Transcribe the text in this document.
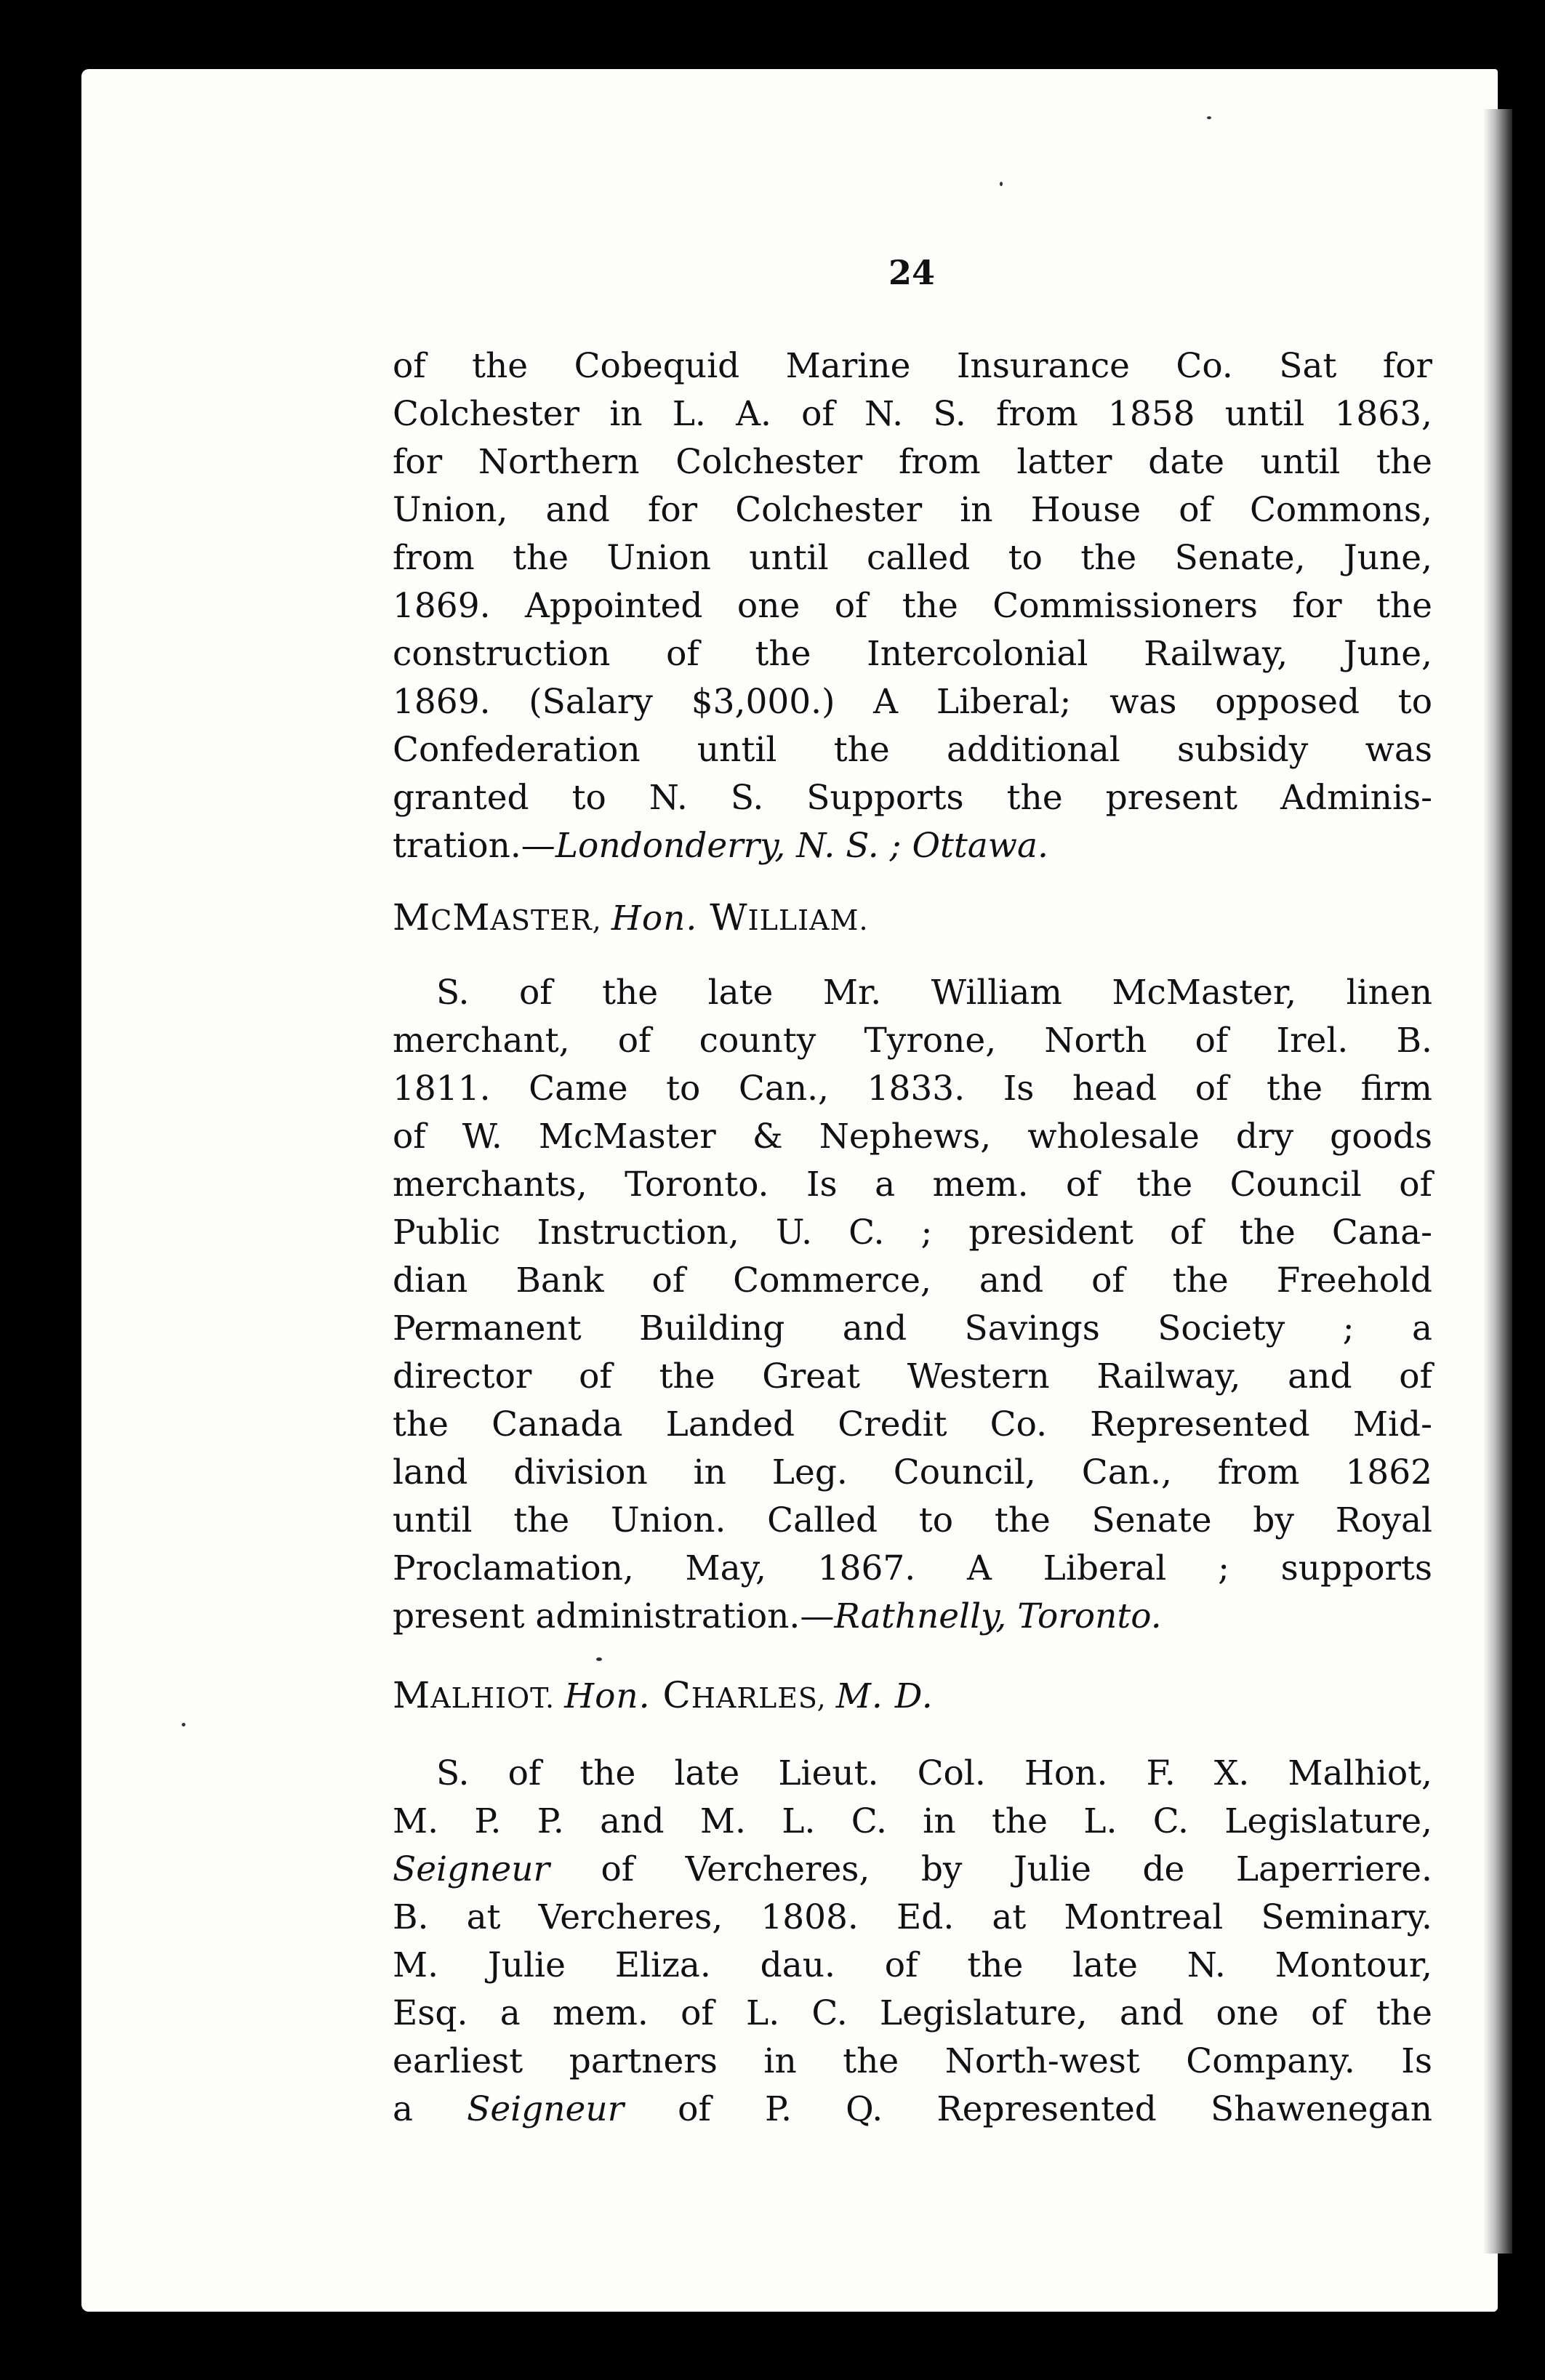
24
of the Cobequid Marine Insurance Co. Sat for
Colchester in L. A. of N. S. from 1858 until 1863,
for Northern Colchester from latter date until the
Union, and for Colchester in House of Commons,
from the Union until called to the Senate, June,
1869. Appointed one of the Commissioners for the
construction of the Intercolonial Railway, June,
1869. (Salary $3,000.) A Liberal; was opposed to
Confederation until the additional subsidy was
granted to N. S. Supports the present Adminis-
tration.—Londonderry, N. S. ; Ottawa.
MCMASTER, Hon. WILLIAM.
S. of the late Mr. William McMaster, linen
merchant, of county Tyrone, North of Irel. B.
1811. Came to Can., 1833. Is head of the firm
of W. McMaster & Nephews, wholesale dry goods
merchants, Toronto. Is a mem. of the Council of
Public Instruction, U. C. ; president of the Cana-
dian Bank of Commerce, and of the Freehold
Permanent Building and Savings Society ; a
director of the Great Western Railway, and of
the Canada Landed Credit Co. Represented Mid-
land division in Leg. Council, Can., from 1862
until the Union. Called to the Senate by Royal
Proclamation, May, 1867. A Liberal ; supports
present administration.—Rathnelly, Toronto.
MALHIOT. Hon. CHARLES, M. D.
S. of the late Lieut. Col. Hon. F. X. Malhiot,
M. P. P. and M. L. C. in the L. C. Legislature,
Seigneur of Vercheres, by Julie de Laperriere.
B. at Vercheres, 1808. Ed. at Montreal Seminary.
M. Julie Eliza. dau. of the late N. Montour,
Esq. a mem. of L. C. Legislature, and one of the
earliest partners in the North-west Company. Is
a Seigneur of P. Q. Represented Shawenegan
